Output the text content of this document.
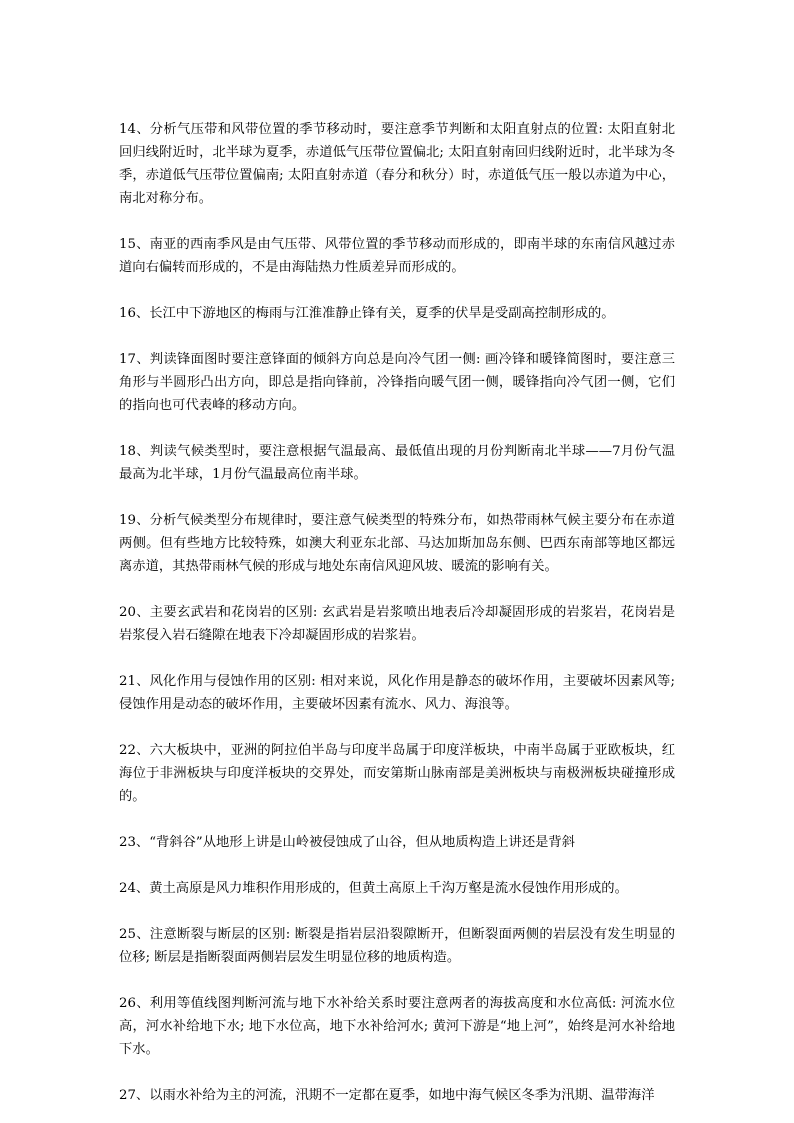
14、分析气压带和风带位置的季节移动时，要注意季节判断和太阳直射点的位置: 太阳直射北回归线附近时，北半球为夏季，赤道低气压带位置偏北; 太阳直射南回归线附近时，北半球为冬季，赤道低气压带位置偏南; 太阳直射赤道（春分和秋分）时，赤道低气压一般以赤道为中心，南北对称分布。

15、南亚的西南季风是由气压带、风带位置的季节移动而形成的，即南半球的东南信风越过赤道向右偏转而形成的，不是由海陆热力性质差异而形成的。

16、长江中下游地区的梅雨与江淮准静止锋有关，夏季的伏旱是受副高控制形成的。

17、判读锋面图时要注意锋面的倾斜方向总是向冷气团一侧: 画冷锋和暖锋简图时，要注意三角形与半圆形凸出方向，即总是指向锋前，冷锋指向暖气团一侧，暖锋指向冷气团一侧，它们的指向也可代表峰的移动方向。

18、判读气候类型时，要注意根据气温最高、最低值出现的月份判断南北半球——7月份气温最高为北半球，1月份气温最高位南半球。

19、分析气候类型分布规律时，要注意气候类型的特殊分布，如热带雨林气候主要分布在赤道两侧。但有些地方比较特殊，如澳大利亚东北部、马达加斯加岛东侧、巴西东南部等地区都远离赤道，其热带雨林气候的形成与地处东南信风迎风坡、暖流的影响有关。

20、主要玄武岩和花岗岩的区别: 玄武岩是岩浆喷出地表后冷却凝固形成的岩浆岩，花岗岩是岩浆侵入岩石缝隙在地表下冷却凝固形成的岩浆岩。

21、风化作用与侵蚀作用的区别: 相对来说，风化作用是静态的破坏作用，主要破坏因素风等; 侵蚀作用是动态的破坏作用，主要破坏因素有流水、风力、海浪等。

22、六大板块中，亚洲的阿拉伯半岛与印度半岛属于印度洋板块，中南半岛属于亚欧板块，红海位于非洲板块与印度洋板块的交界处，而安第斯山脉南部是美洲板块与南极洲板块碰撞形成的。

23、“背斜谷”从地形上讲是山岭被侵蚀成了山谷，但从地质构造上讲还是背斜

24、黄土高原是风力堆积作用形成的，但黄土高原上千沟万壑是流水侵蚀作用形成的。

25、注意断裂与断层的区别: 断裂是指岩层沿裂隙断开，但断裂面两侧的岩层没有发生明显的位移; 断层是指断裂面两侧岩层发生明显位移的地质构造。

26、利用等值线图判断河流与地下水补给关系时要注意两者的海拔高度和水位高低: 河流水位高，河水补给地下水; 地下水位高，地下水补给河水; 黄河下游是“地上河”，始终是河水补给地下水。

27、以雨水补给为主的河流，汛期不一定都在夏季，如地中海气候区冬季为汛期、温带海洋
